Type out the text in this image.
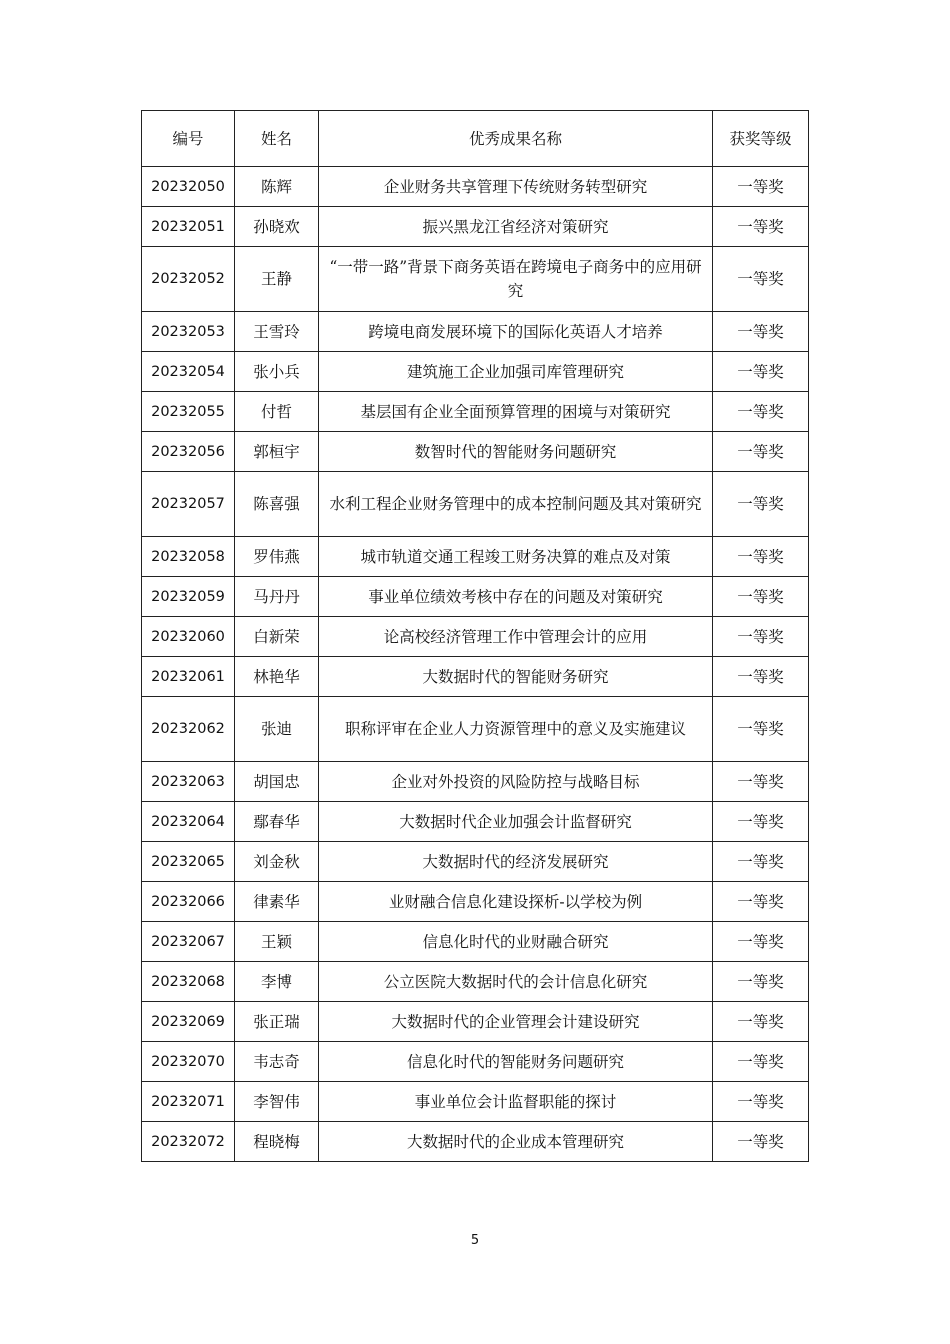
编号	姓名	优秀成果名称	获奖等级
20232050	陈辉	企业财务共享管理下传统财务转型研究	一等奖
20232051	孙晓欢	振兴黑龙江省经济对策研究	一等奖
20232052	王静	“一带一路”背景下商务英语在跨境电子商务中的应用研究	一等奖
20232053	王雪玲	跨境电商发展环境下的国际化英语人才培养	一等奖
20232054	张小兵	建筑施工企业加强司库管理研究	一等奖
20232055	付哲	基层国有企业全面预算管理的困境与对策研究	一等奖
20232056	郭桓宇	数智时代的智能财务问题研究	一等奖
20232057	陈喜强	水利工程企业财务管理中的成本控制问题及其对策研究	一等奖
20232058	罗伟燕	城市轨道交通工程竣工财务决算的难点及对策	一等奖
20232059	马丹丹	事业单位绩效考核中存在的问题及对策研究	一等奖
20232060	白新荣	论高校经济管理工作中管理会计的应用	一等奖
20232061	林艳华	大数据时代的智能财务研究	一等奖
20232062	张迪	职称评审在企业人力资源管理中的意义及实施建议	一等奖
20232063	胡国忠	企业对外投资的风险防控与战略目标	一等奖
20232064	鄢春华	大数据时代企业加强会计监督研究	一等奖
20232065	刘金秋	大数据时代的经济发展研究	一等奖
20232066	律素华	业财融合信息化建设探析-以学校为例	一等奖
20232067	王颖	信息化时代的业财融合研究	一等奖
20232068	李博	公立医院大数据时代的会计信息化研究	一等奖
20232069	张正瑞	大数据时代的企业管理会计建设研究	一等奖
20232070	韦志奇	信息化时代的智能财务问题研究	一等奖
20232071	李智伟	事业单位会计监督职能的探讨	一等奖
20232072	程晓梅	大数据时代的企业成本管理研究	一等奖
5
